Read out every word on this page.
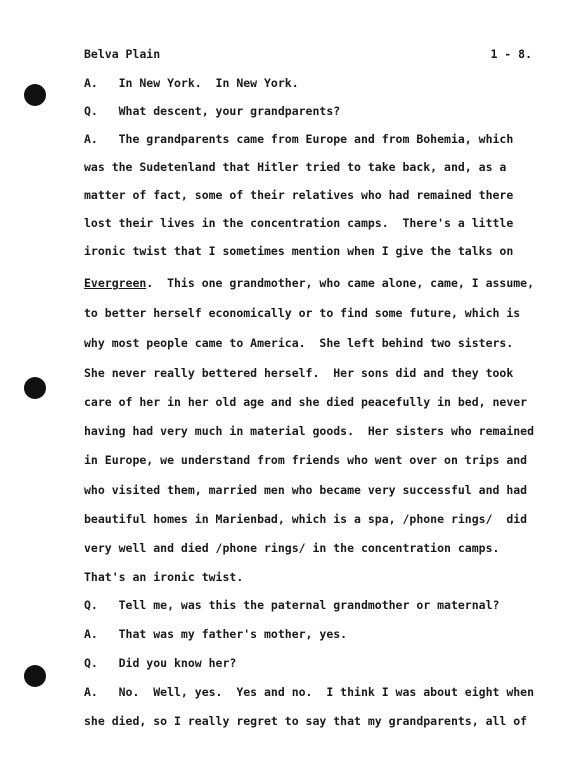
Belva Plain	1 - 8.
A.   In New York.  In New York.
Q.   What descent, your grandparents?
A.   The grandparents came from Europe and from Bohemia, which
was the Sudetenland that Hitler tried to take back, and, as a
matter of fact, some of their relatives who had remained there
lost their lives in the concentration camps.  There's a little
ironic twist that I sometimes mention when I give the talks on
Evergreen.  This one grandmother, who came alone, came, I assume,
to better herself economically or to find some future, which is
why most people came to America.  She left behind two sisters.
She never really bettered herself.  Her sons did and they took
care of her in her old age and she died peacefully in bed, never
having had very much in material goods.  Her sisters who remained
in Europe, we understand from friends who went over on trips and
who visited them, married men who became very successful and had
beautiful homes in Marienbad, which is a spa, /phone rings/  did
very well and died /phone rings/ in the concentration camps.
That's an ironic twist.
Q.   Tell me, was this the paternal grandmother or maternal?
A.   That was my father's mother, yes.
Q.   Did you know her?
A.   No.  Well, yes.  Yes and no.  I think I was about eight when
she died, so I really regret to say that my grandparents, all of
